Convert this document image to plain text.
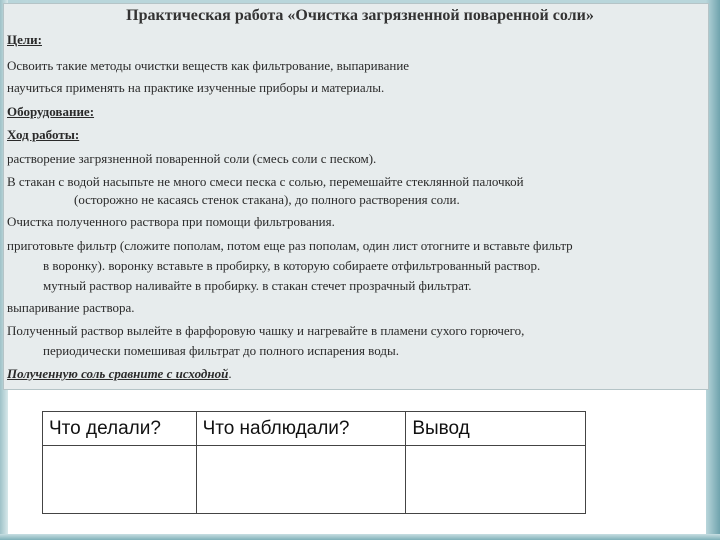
Практическая работа «Очистка загрязненной поваренной соли»
Цели:
Освоить такие методы очистки веществ как фильтрование, выпаривание
научиться применять на практике изученные приборы и материалы.
Оборудование:
Ход работы:
растворение загрязненной поваренной соли (смесь соли с песком).
В стакан с водой насыпьте не много смеси песка с солью, перемешайте стеклянной палочкой
(осторожно не касаясь стенок стакана), до полного растворения соли.
Очистка полученного раствора при помощи фильтрования.
приготовьте фильтр (сложите пополам, потом еще раз пополам, один лист отогните и вставьте фильтр
в воронку). воронку вставьте в пробирку, в которую собираете отфильтрованный раствор.
мутный раствор наливайте в пробирку. в стакан стечет прозрачный фильтрат.
выпаривание раствора.
Полученный раствор вылейте в фарфоровую чашку и нагревайте в пламени сухого горючего,
периодически помешивая фильтрат до полного испарения воды.
Полученную соль сравните с исходной.
Что делали?	Что наблюдали?	Вывод
